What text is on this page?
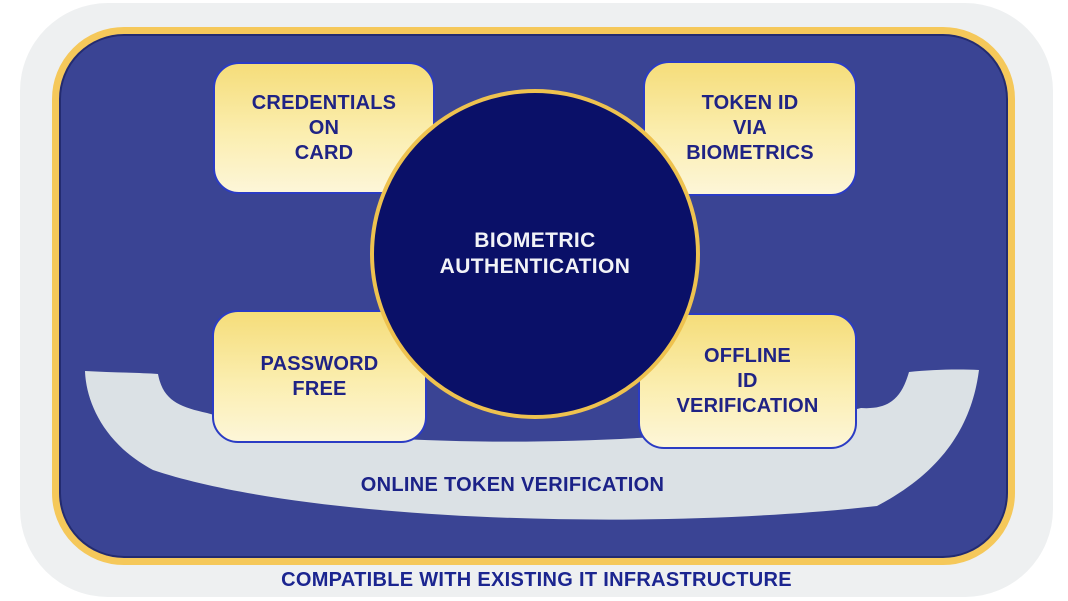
CREDENTIALS
ON
CARD
TOKEN ID
VIA
BIOMETRICS
PASSWORD
FREE
OFFLINE
ID
VERIFICATION
BIOMETRIC
AUTHENTICATION
ONLINE TOKEN VERIFICATION
COMPATIBLE WITH EXISTING IT INFRASTRUCTURE
